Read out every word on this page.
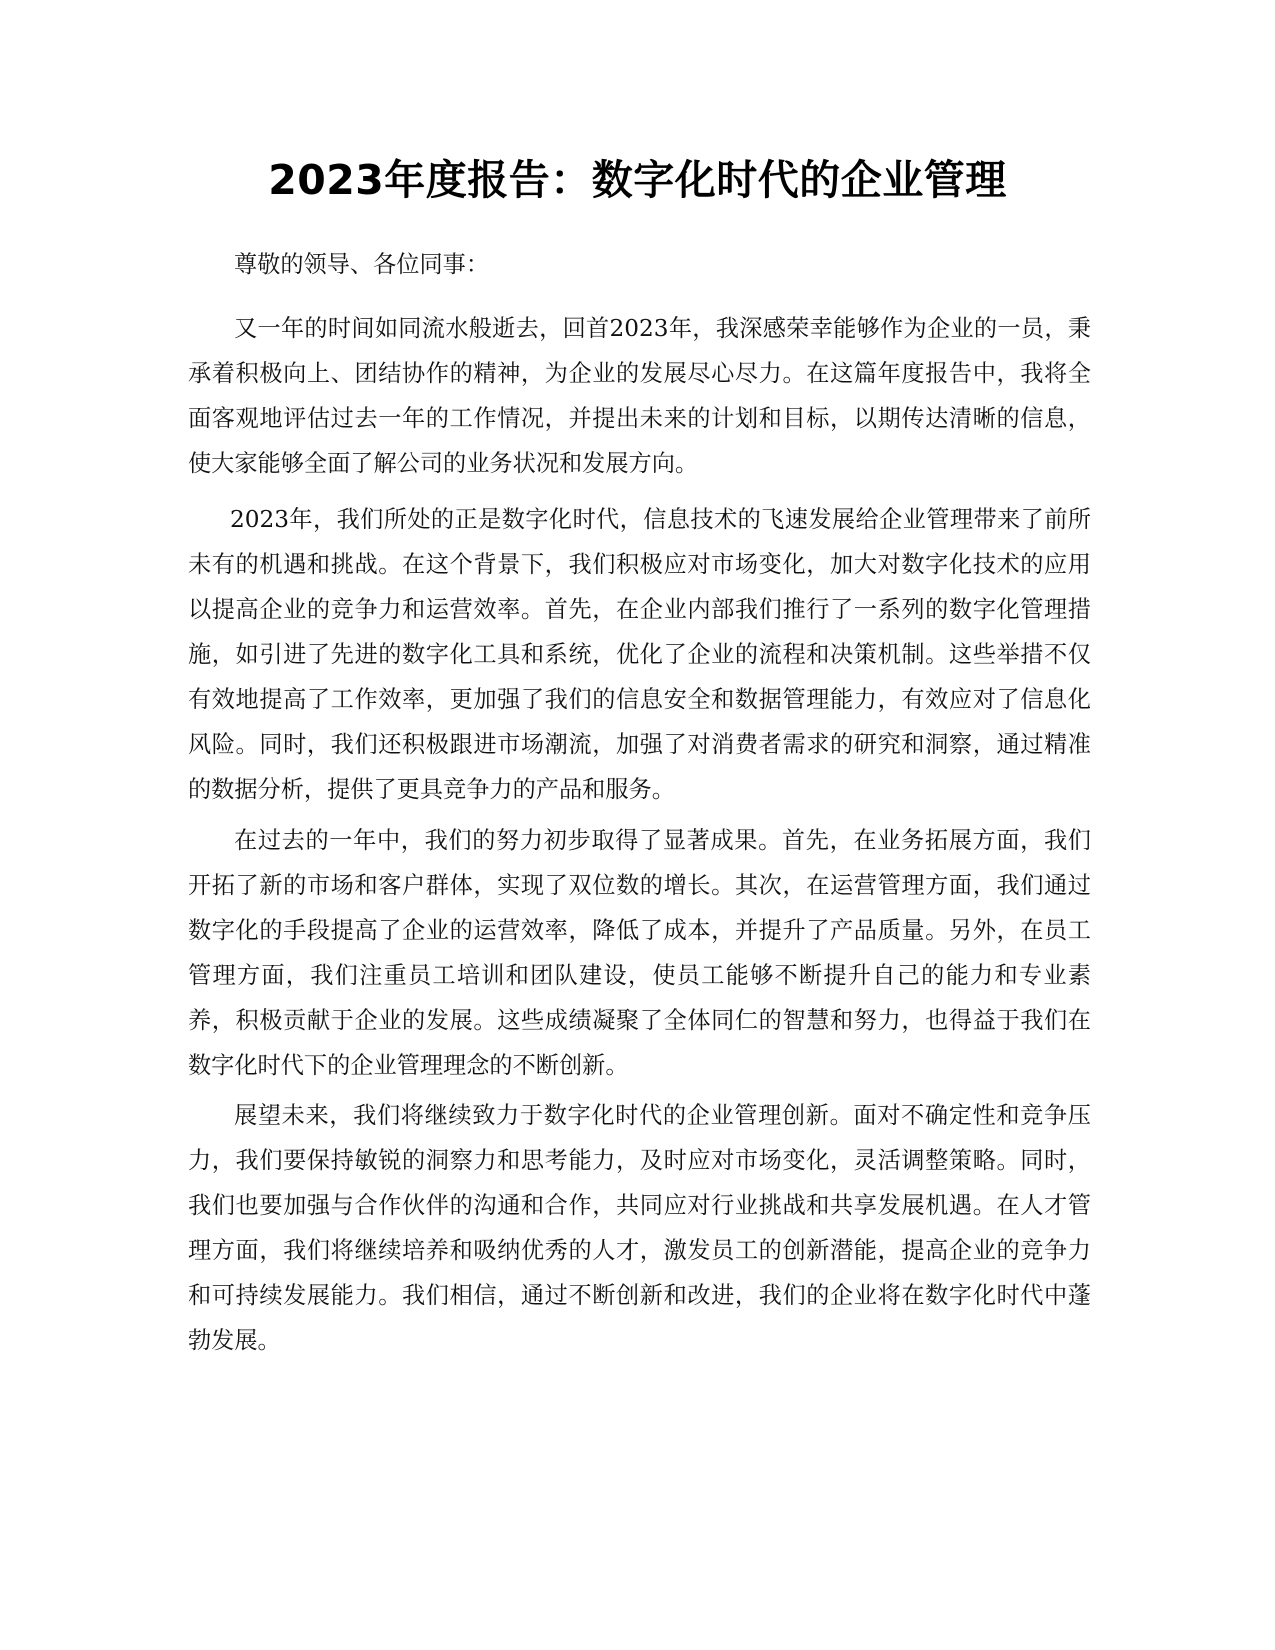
2023年度报告：数字化时代的企业管理

尊敬的领导、各位同事：

又一年的时间如同流水般逝去，回首2023年，我深感荣幸能够作为企业的一员，秉承着积极向上、团结协作的精神，为企业的发展尽心尽力。在这篇年度报告中，我将全面客观地评估过去一年的工作情况，并提出未来的计划和目标，以期传达清晰的信息，使大家能够全面了解公司的业务状况和发展方向。

2023年，我们所处的正是数字化时代，信息技术的飞速发展给企业管理带来了前所未有的机遇和挑战。在这个背景下，我们积极应对市场变化，加大对数字化技术的应用以提高企业的竞争力和运营效率。首先，在企业内部我们推行了一系列的数字化管理措施，如引进了先进的数字化工具和系统，优化了企业的流程和决策机制。这些举措不仅有效地提高了工作效率，更加强了我们的信息安全和数据管理能力，有效应对了信息化风险。同时，我们还积极跟进市场潮流，加强了对消费者需求的研究和洞察，通过精准的数据分析，提供了更具竞争力的产品和服务。

在过去的一年中，我们的努力初步取得了显著成果。首先，在业务拓展方面，我们开拓了新的市场和客户群体，实现了双位数的增长。其次，在运营管理方面，我们通过数字化的手段提高了企业的运营效率，降低了成本，并提升了产品质量。另外，在员工管理方面，我们注重员工培训和团队建设，使员工能够不断提升自己的能力和专业素养，积极贡献于企业的发展。这些成绩凝聚了全体同仁的智慧和努力，也得益于我们在数字化时代下的企业管理理念的不断创新。

展望未来，我们将继续致力于数字化时代的企业管理创新。面对不确定性和竞争压力，我们要保持敏锐的洞察力和思考能力，及时应对市场变化，灵活调整策略。同时，我们也要加强与合作伙伴的沟通和合作，共同应对行业挑战和共享发展机遇。在人才管理方面，我们将继续培养和吸纳优秀的人才，激发员工的创新潜能，提高企业的竞争力和可持续发展能力。我们相信，通过不断创新和改进，我们的企业将在数字化时代中蓬勃发展。
